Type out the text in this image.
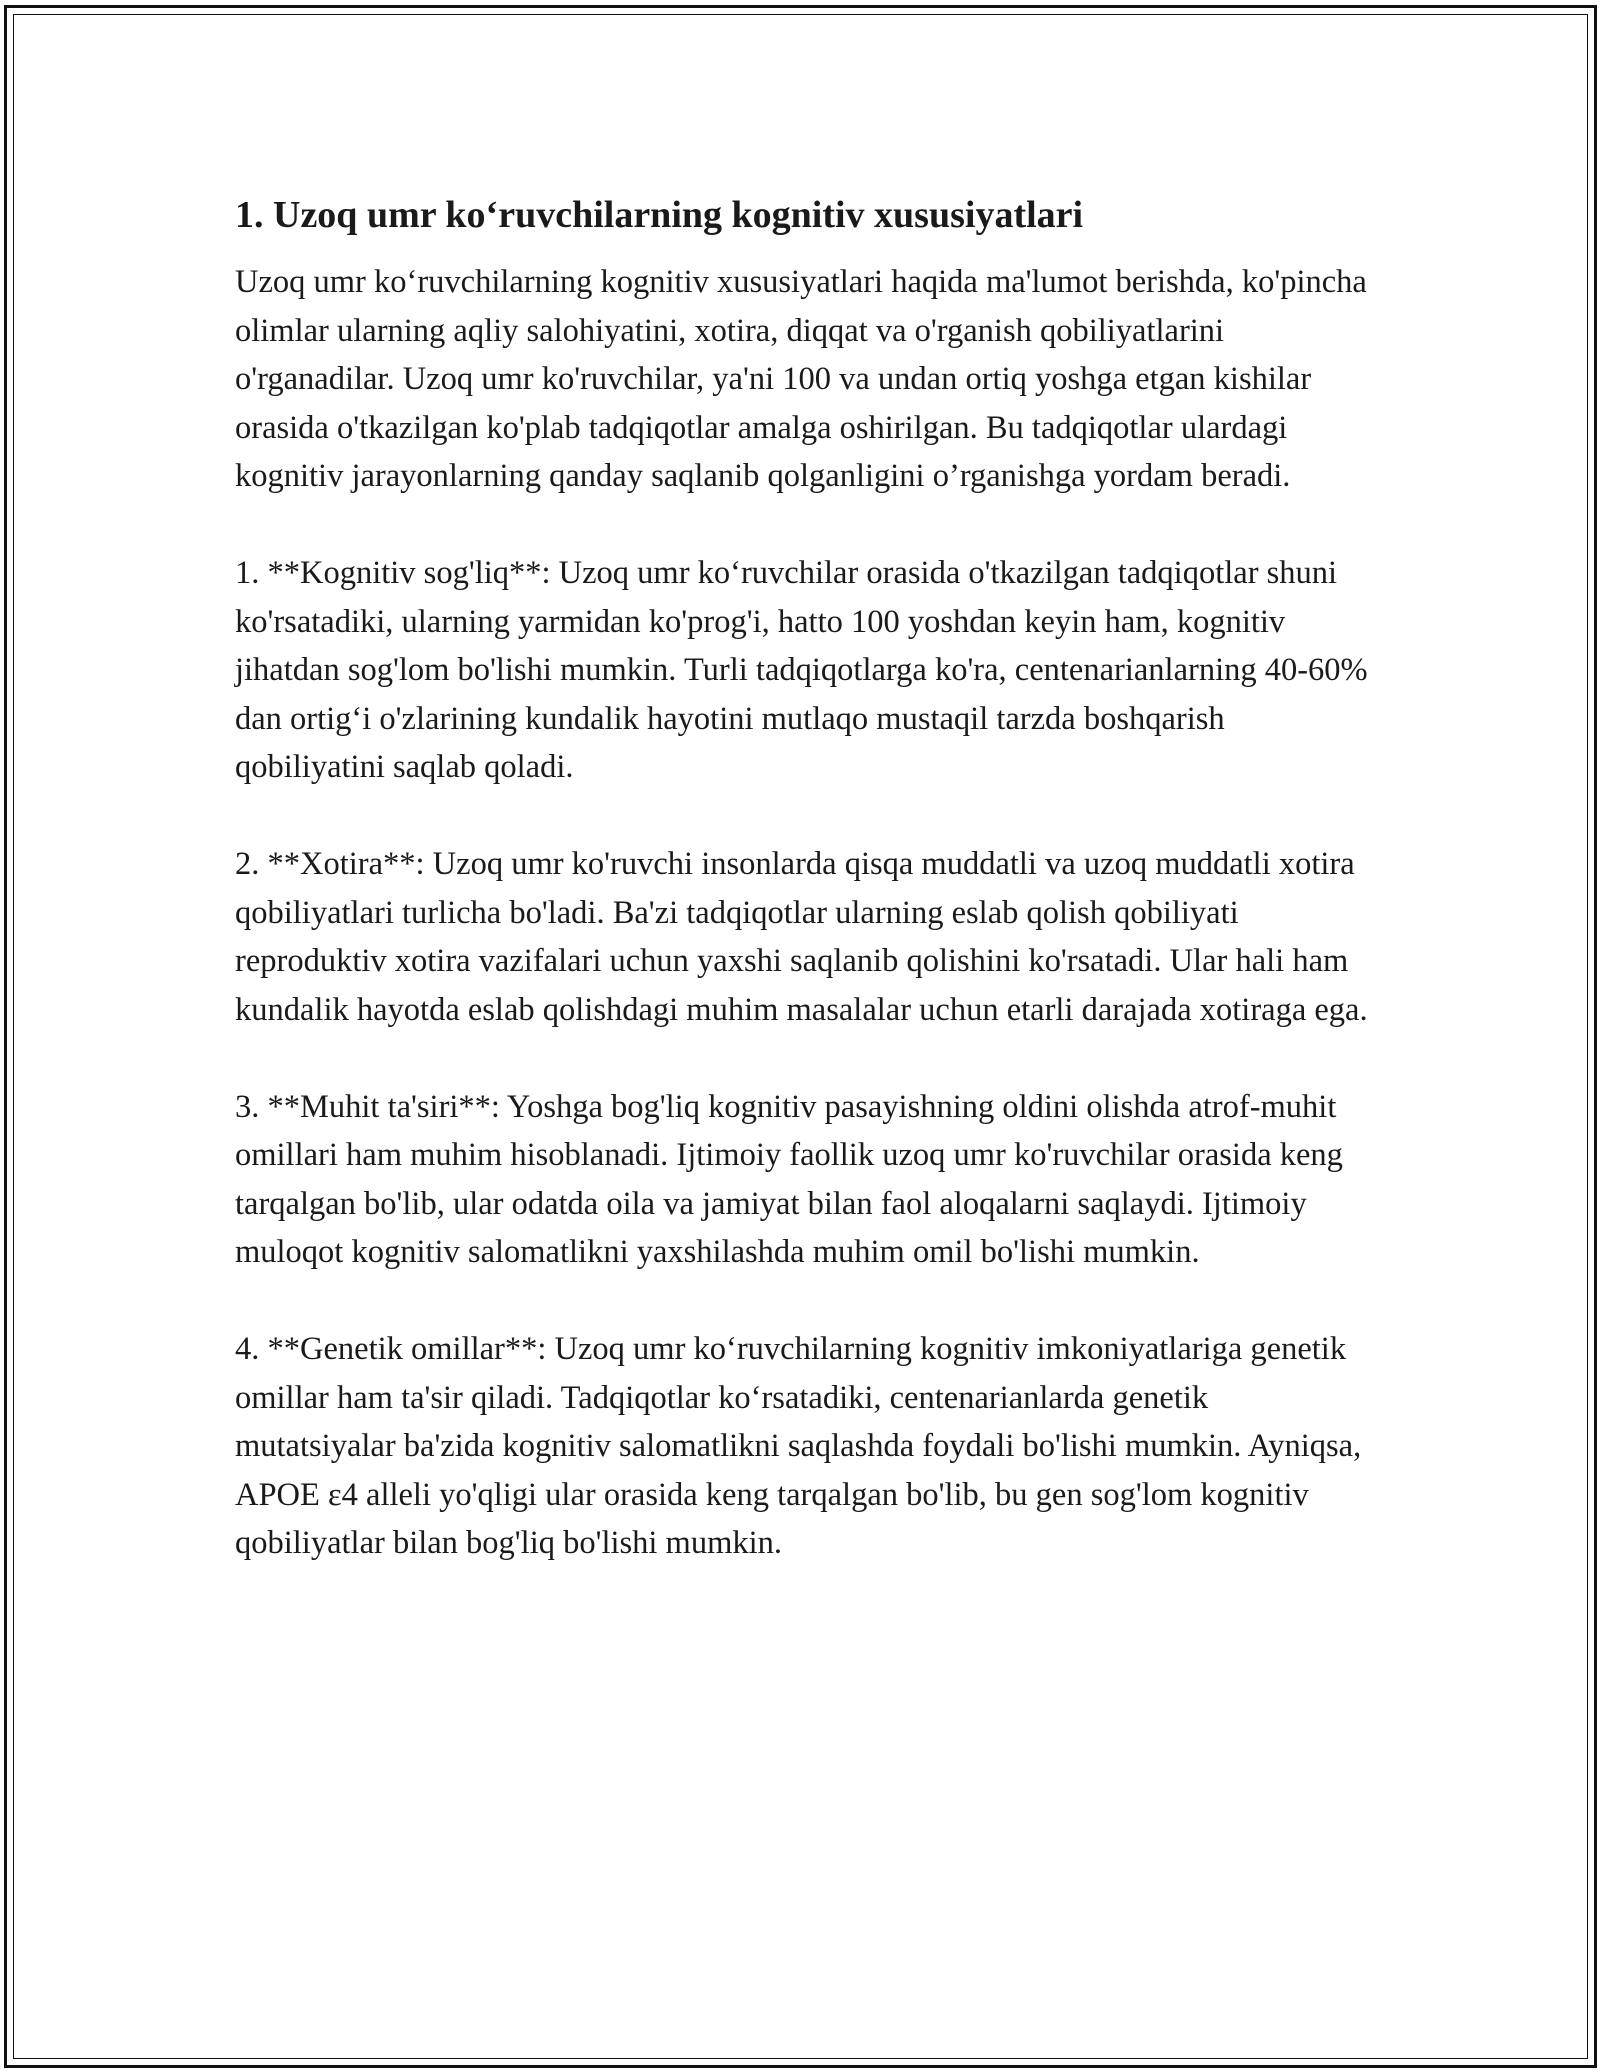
1. Uzoq umr ko‘ruvchilarning kognitiv xususiyatlari

Uzoq umr ko‘ruvchilarning kognitiv xususiyatlari haqida ma'lumot berishda, ko'pincha olimlar ularning aqliy salohiyatini, xotira, diqqat va o'rganish qobiliyatlarini o'rganadilar. Uzoq umr ko'ruvchilar, ya'ni 100 va undan ortiq yoshga etgan kishilar orasida o'tkazilgan ko'plab tadqiqotlar amalga oshirilgan. Bu tadqiqotlar ulardagi kognitiv jarayonlarning qanday saqlanib qolganligini o’rganishga yordam beradi.

1. **Kognitiv sog'liq**: Uzoq umr ko‘ruvchilar orasida o'tkazilgan tadqiqotlar shuni ko'rsatadiki, ularning yarmidan ko'prog'i, hatto 100 yoshdan keyin ham, kognitiv jihatdan sog'lom bo'lishi mumkin. Turli tadqiqotlarga ko'ra, centenarianlarning 40-60% dan ortig‘i o'zlarining kundalik hayotini mutlaqo mustaqil tarzda boshqarish qobiliyatini saqlab qoladi.

2. **Xotira**: Uzoq umr ko'ruvchi insonlarda qisqa muddatli va uzoq muddatli xotira qobiliyatlari turlicha bo'ladi. Ba'zi tadqiqotlar ularning eslab qolish qobiliyati reproduktiv xotira vazifalari uchun yaxshi saqlanib qolishini ko'rsatadi. Ular hali ham kundalik hayotda eslab qolishdagi muhim masalalar uchun etarli darajada xotiraga ega.

3. **Muhit ta'siri**: Yoshga bog'liq kognitiv pasayishning oldini olishda atrof-muhit omillari ham muhim hisoblanadi. Ijtimoiy faollik uzoq umr ko'ruvchilar orasida keng tarqalgan bo'lib, ular odatda oila va jamiyat bilan faol aloqalarni saqlaydi. Ijtimoiy muloqot kognitiv salomatlikni yaxshilashda muhim omil bo'lishi mumkin.

4. **Genetik omillar**: Uzoq umr ko‘ruvchilarning kognitiv imkoniyatlariga genetik omillar ham ta'sir qiladi. Tadqiqotlar ko‘rsatadiki, centenarianlarda genetik mutatsiyalar ba'zida kognitiv salomatlikni saqlashda foydali bo'lishi mumkin. Ayniqsa, APOE ε4 alleli yo'qligi ular orasida keng tarqalgan bo'lib, bu gen sog'lom kognitiv qobiliyatlar bilan bog'liq bo'lishi mumkin.
